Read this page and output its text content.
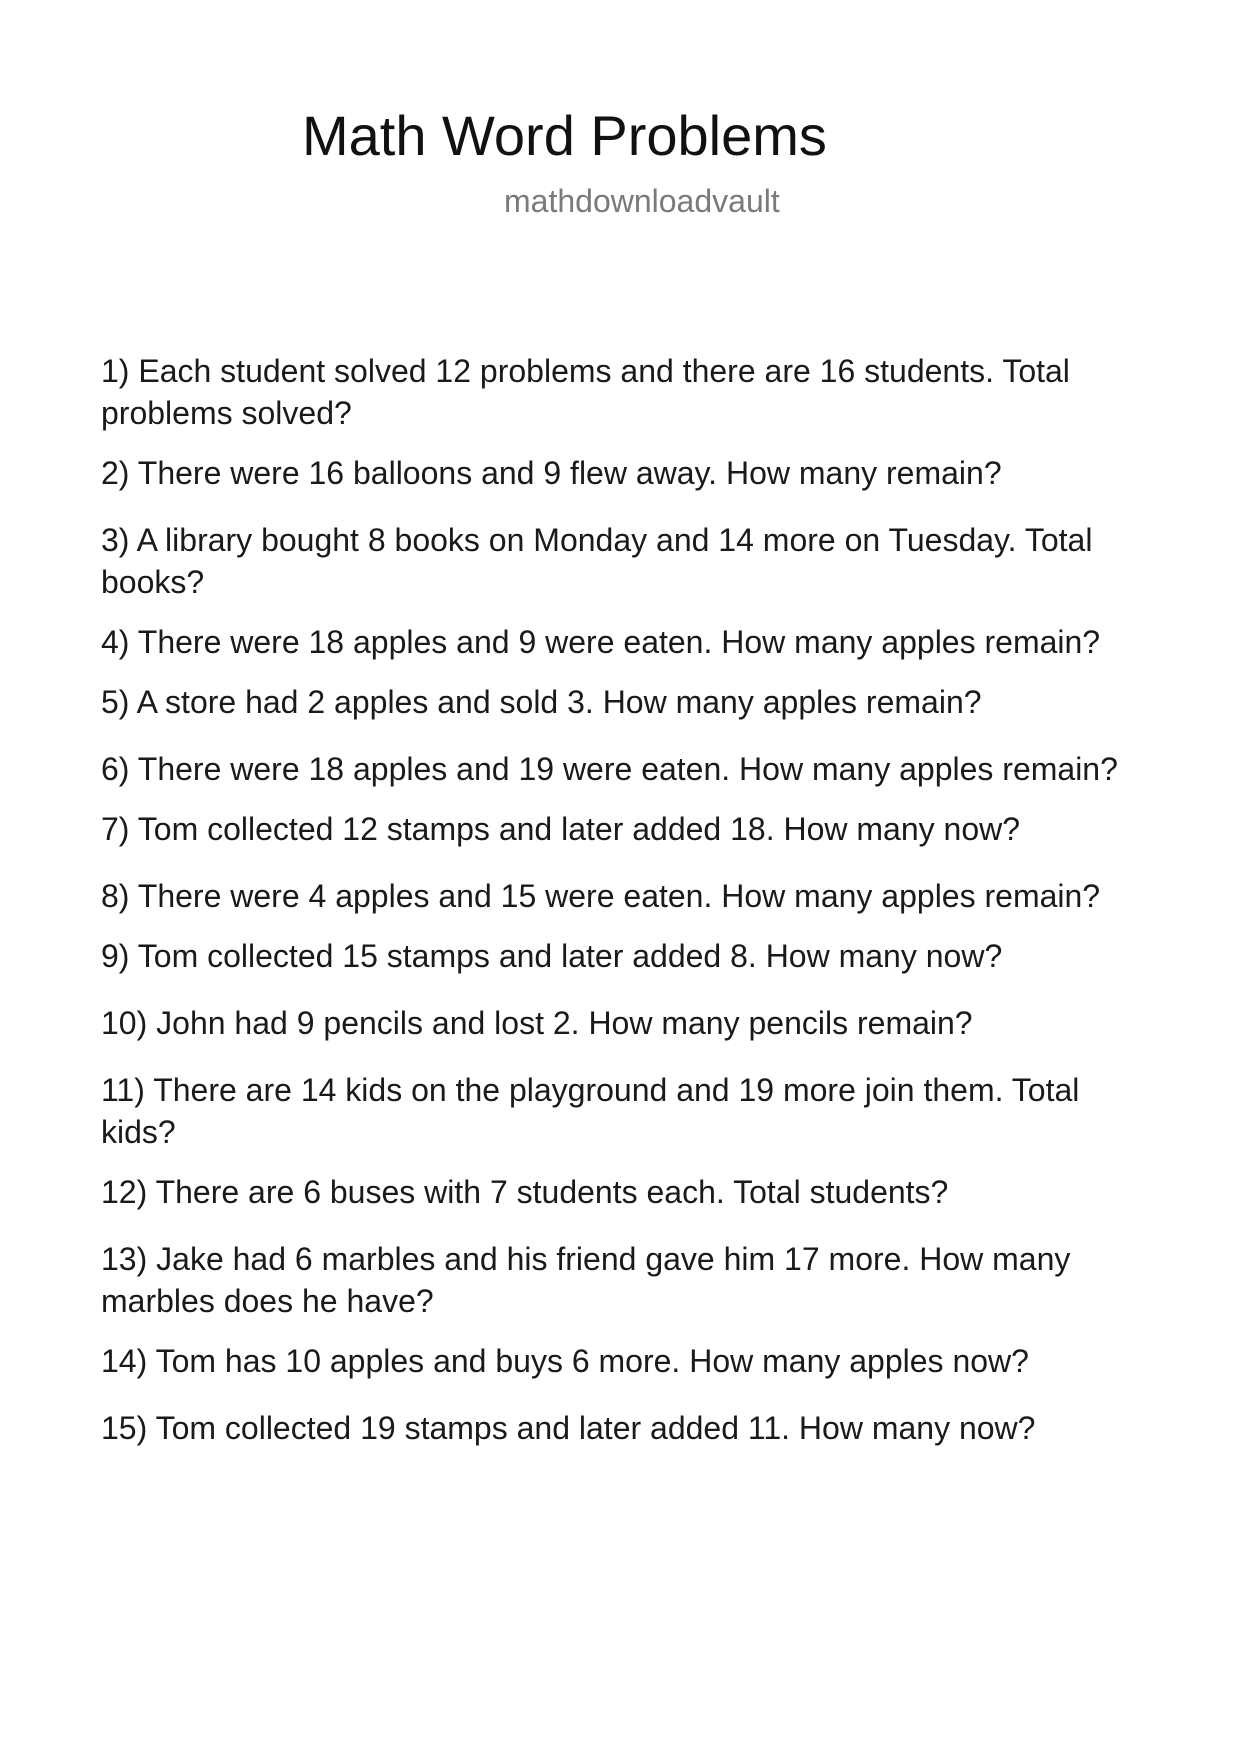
Math Word Problems

mathdownloadvault

1) Each student solved 12 problems and there are 16 students. Total problems solved?
2) There were 16 balloons and 9 flew away. How many remain?
3) A library bought 8 books on Monday and 14 more on Tuesday. Total books?
4) There were 18 apples and 9 were eaten. How many apples remain?
5) A store had 2 apples and sold 3. How many apples remain?
6) There were 18 apples and 19 were eaten. How many apples remain?
7) Tom collected 12 stamps and later added 18. How many now?
8) There were 4 apples and 15 were eaten. How many apples remain?
9) Tom collected 15 stamps and later added 8. How many now?
10) John had 9 pencils and lost 2. How many pencils remain?
11) There are 14 kids on the playground and 19 more join them. Total kids?
12) There are 6 buses with 7 students each. Total students?
13) Jake had 6 marbles and his friend gave him 17 more. How many marbles does he have?
14) Tom has 10 apples and buys 6 more. How many apples now?
15) Tom collected 19 stamps and later added 11. How many now?
